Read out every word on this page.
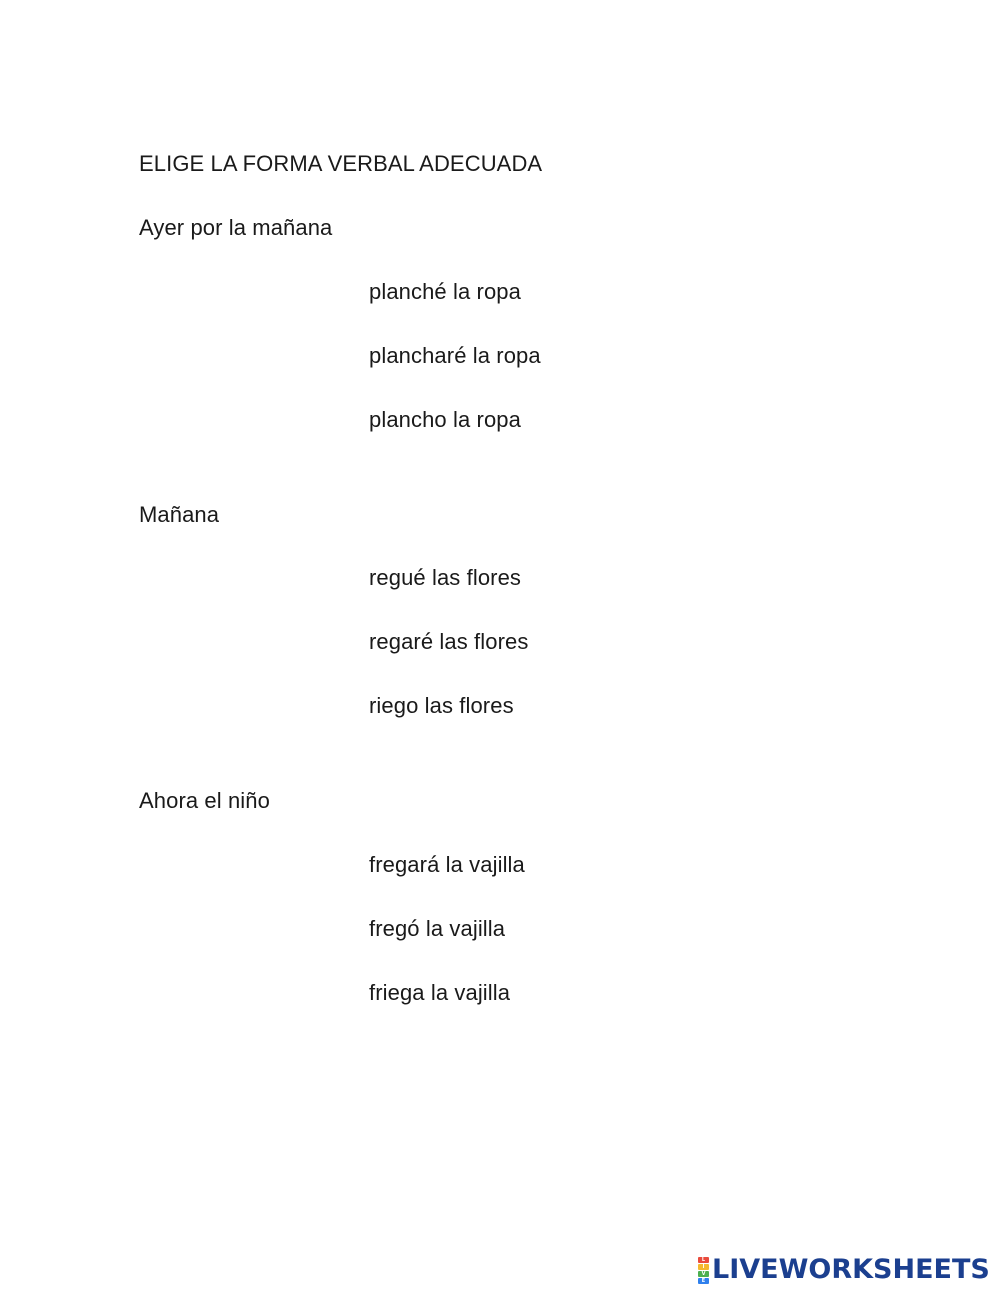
ELIGE LA FORMA VERBAL ADECUADA
Ayer por la mañana
planché la ropa
plancharé la ropa
plancho la ropa
Mañana
regué las flores
regaré las flores
riego las flores
Ahora el niño
fregará la vajilla
fregó la vajilla
friega la vajilla
L
I
V
E LIVEWORKSHEETS
